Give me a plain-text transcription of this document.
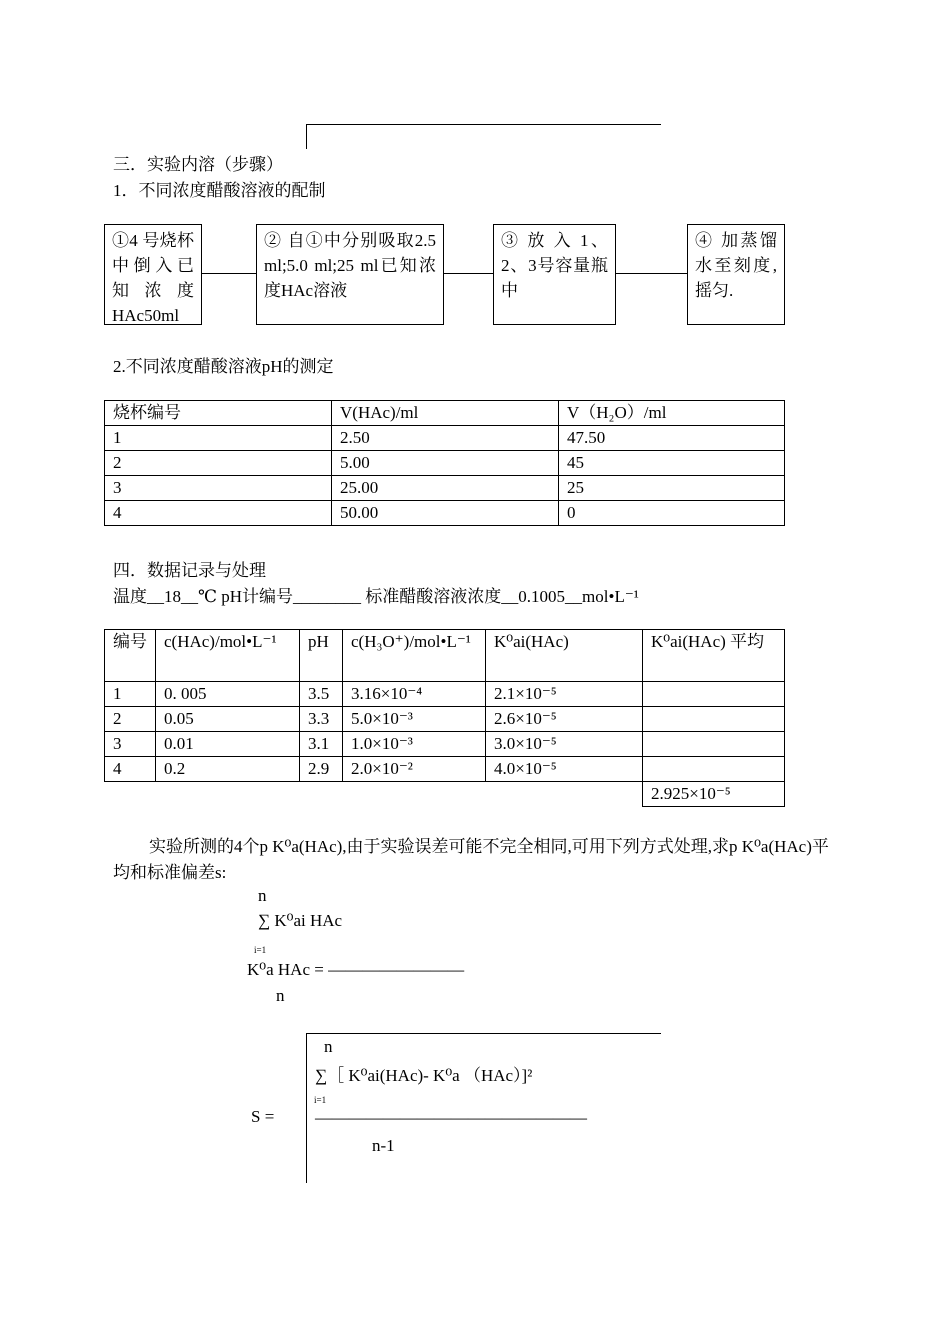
三．实验内溶（步骤）
1．不同浓度醋酸溶液的配制
①4 号烧杯中倒入已知浓度HAc50ml
② 自①中分别吸取2.5 ml;5.0 ml;25 ml已知浓度HAc溶液
③ 放 入 1、2、3号容量瓶中
④ 加蒸馏水至刻度,摇匀.
2.不同浓度醋酸溶液pH的测定
烧杯编号	V(HAc)/ml	V（H₂O）/ml
1	2.50	47.50
2	5.00	45
3	25.00	25
4	50.00	0
四．数据记录与处理
温度__18__℃ pH计编号________ 标准醋酸溶液浓度__0.1005__mol•L⁻¹
编号	c(HAc)/mol•L⁻¹	pH	c(H₃O⁺)/mol•L⁻¹	K⁰ai(HAc)	K⁰ai(HAc) 平均
1	0. 005	3.5	3.16×10⁻⁴	2.1×10⁻⁵	
2	0.05	3.3	5.0×10⁻³	2.6×10⁻⁵	
3	0.01	3.1	1.0×10⁻³	3.0×10⁻⁵	
4	0.2	2.9	2.0×10⁻²	4.0×10⁻⁵	
					2.925×10⁻⁵
实验所测的4个p K⁰a(HAc),由于实验误差可能不完全相同,可用下列方式处理,求p K⁰a(HAc)平均和标准偏差s:
n
∑ K⁰ai HAc
i=1
K⁰a HAc = ————————
n
n
∑［ K⁰ai(HAc)- K⁰a （HAc）]²
i=1
————————————————
S =
n-1
